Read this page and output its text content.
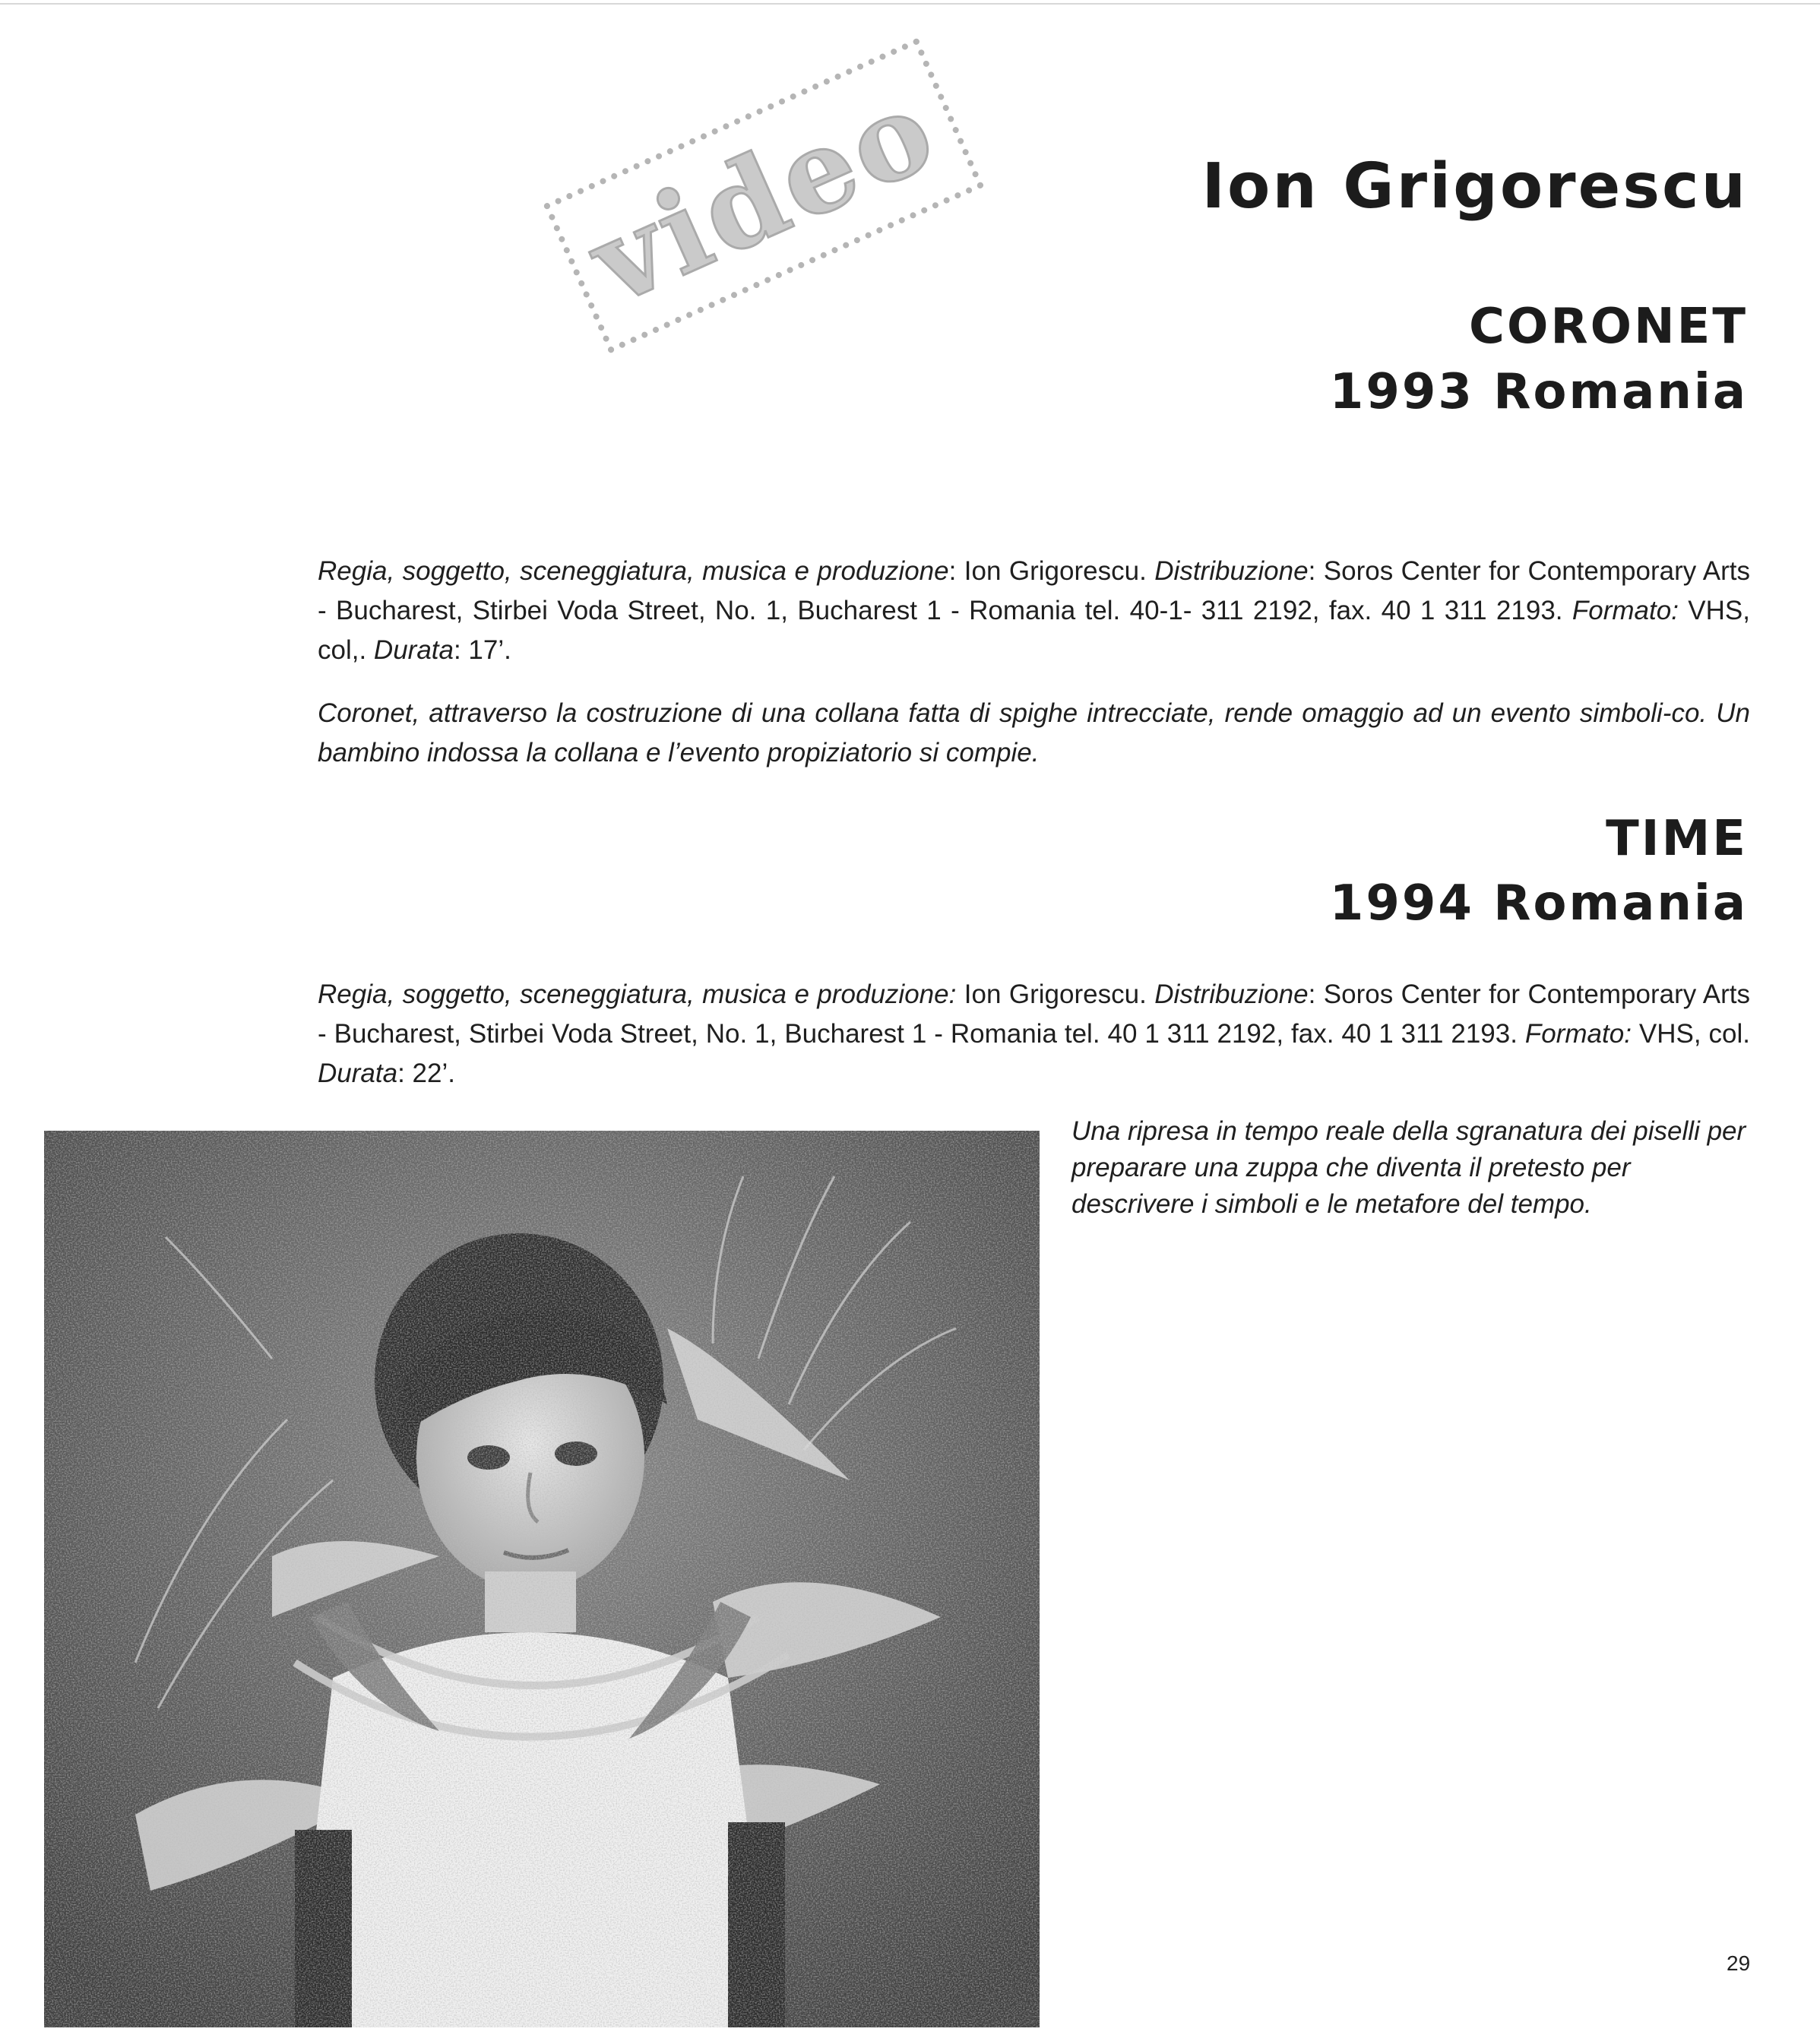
video	Ion Grigorescu
CORONET
1993 Romania

Regia, soggetto, sceneggiatura, musica e produzione: Ion Grigorescu. Distribuzione: Soros Center for Contemporary Arts - Bucharest, Stirbei Voda Street, No. 1, Bucharest 1 - Romania tel. 40-1- 311 2192, fax. 40 1 311 2193. Formato: VHS, col,. Durata: 17’.

Coronet, attraverso la costruzione di una collana fatta di spighe intrecciate, rende omaggio ad un evento simboli-co. Un bambino indossa la collana e l’evento propiziatorio si compie.

TIME
1994 Romania

Regia, soggetto, sceneggiatura, musica e produzione: Ion Grigorescu. Distribuzione: Soros Center for Contemporary Arts - Bucharest, Stirbei Voda Street, No. 1, Bucharest 1 - Romania tel. 40 1 311 2192, fax. 40 1 311 2193. Formato: VHS, col. Durata: 22’.

Una ripresa in tempo reale della sgranatura dei piselli per preparare una zuppa che diventa il pretesto per descrivere i simboli e le metafore del tempo.

29
